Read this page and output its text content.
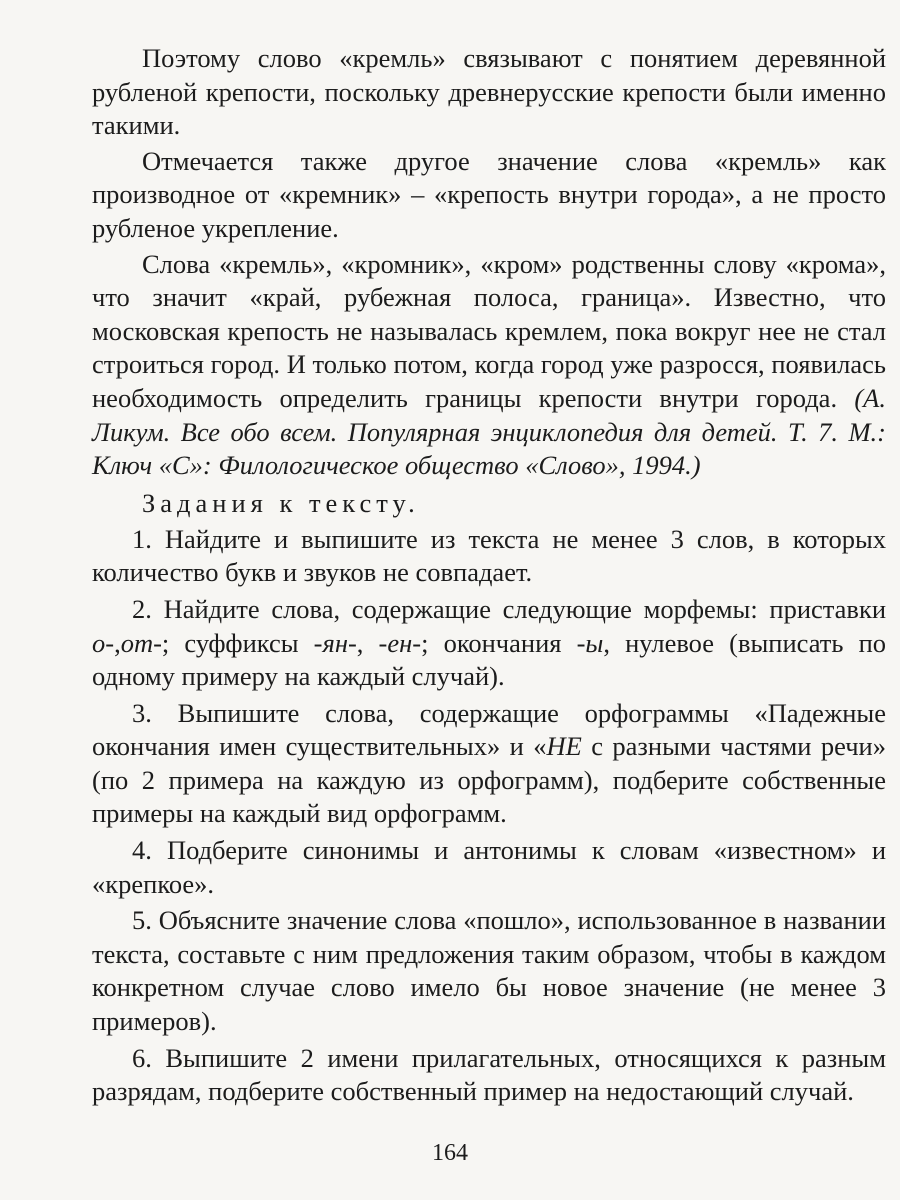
Поэтому слово «кремль» связывают с понятием деревянной рубленой крепости, поскольку древнерусские крепости были именно такими.

Отмечается также другое значение слова «кремль» как производное от «кремник» – «крепость внутри города», а не просто рубленое укрепление.

Слова «кремль», «кромник», «кром» родственны слову «крома», что значит «край, рубежная полоса, граница». Известно, что московская крепость не называлась кремлем, пока вокруг нее не стал строиться город. И только потом, когда город уже разросся, появилась необходимость определить границы крепости внутри города. (А. Ликум. Все обо всем. Популярная энциклопедия для детей. Т. 7. М.: Ключ «С»: Филологическое общество «Слово», 1994.)

Задания к тексту.

1. Найдите и выпишите из текста не менее 3 слов, в которых количество букв и звуков не совпадает.

2. Найдите слова, содержащие следующие морфемы: приставки о-,от-; суффиксы -ян-, -ен-; окончания -ы, нулевое (выписать по одному примеру на каждый случай).

3. Выпишите слова, содержащие орфограммы «Падежные окончания имен существительных» и «НЕ с разными частями речи» (по 2 примера на каждую из орфограмм), подберите собственные примеры на каждый вид орфограмм.

4. Подберите синонимы и антонимы к словам «известном» и «крепкое».

5. Объясните значение слова «пошло», использованное в названии текста, составьте с ним предложения таким образом, чтобы в каждом конкретном случае слово имело бы новое значение (не менее 3 примеров).

6. Выпишите 2 имени прилагательных, относящихся к разным разрядам, подберите собственный пример на недостающий случай.

164
